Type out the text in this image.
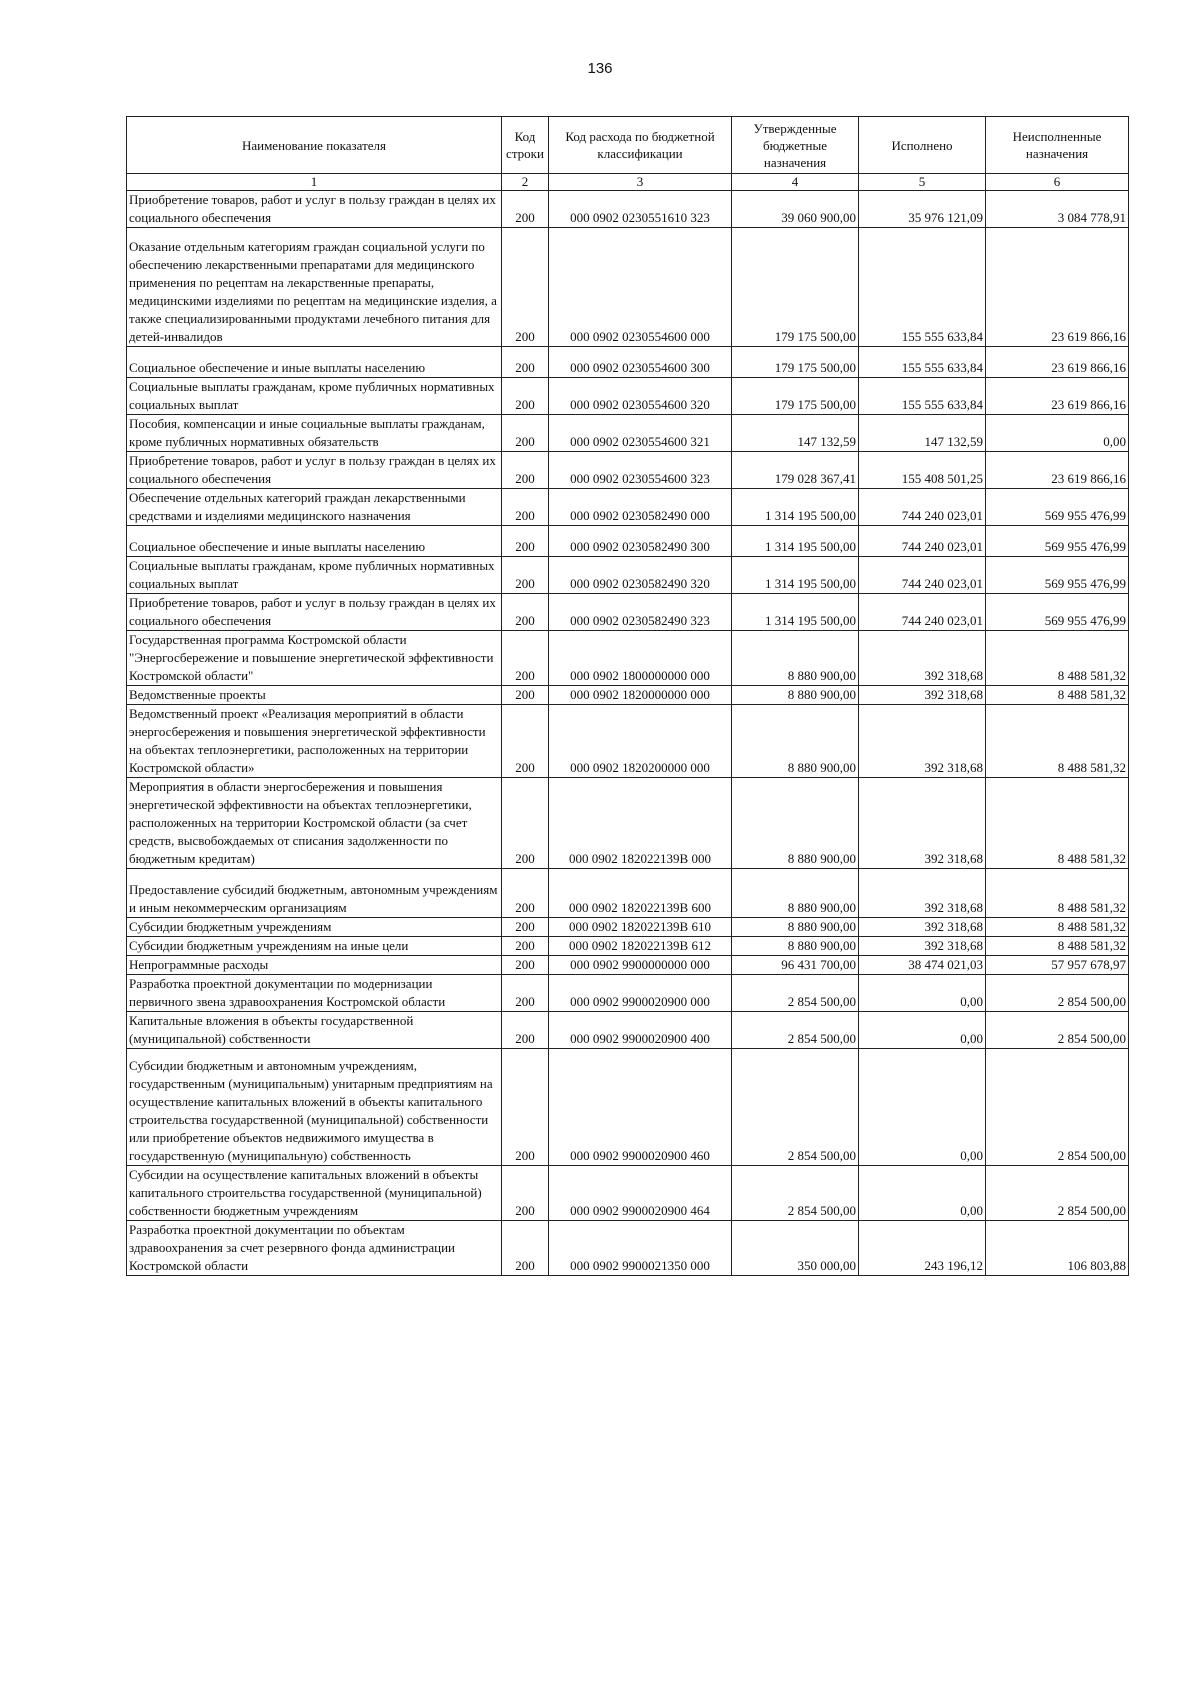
136
Наименование показателя	Код строки	Код расхода по бюджетной классификации	Утвержденные бюджетные назначения	Исполнено	Неисполненные назначения
1	2	3	4	5	6
Приобретение товаров, работ и услуг в пользу граждан в целях их социального обеспечения	200	000 0902 0230551610 323	39 060 900,00	35 976 121,09	3 084 778,91
Оказание отдельным категориям граждан социальной услуги по обеспечению лекарственными препаратами для медицинского применения по рецептам на лекарственные препараты, медицинскими изделиями по рецептам на медицинские изделия, а также специализированными продуктами лечебного питания для детей-инвалидов	200	000 0902 0230554600 000	179 175 500,00	155 555 633,84	23 619 866,16
Социальное обеспечение и иные выплаты населению	200	000 0902 0230554600 300	179 175 500,00	155 555 633,84	23 619 866,16
Социальные выплаты гражданам, кроме публичных нормативных социальных выплат	200	000 0902 0230554600 320	179 175 500,00	155 555 633,84	23 619 866,16
Пособия, компенсации и иные социальные выплаты гражданам, кроме публичных нормативных обязательств	200	000 0902 0230554600 321	147 132,59	147 132,59	0,00
Приобретение товаров, работ и услуг в пользу граждан в целях их социального обеспечения	200	000 0902 0230554600 323	179 028 367,41	155 408 501,25	23 619 866,16
Обеспечение отдельных категорий граждан лекарственными средствами и изделиями медицинского назначения	200	000 0902 0230582490 000	1 314 195 500,00	744 240 023,01	569 955 476,99
Социальное обеспечение и иные выплаты населению	200	000 0902 0230582490 300	1 314 195 500,00	744 240 023,01	569 955 476,99
Социальные выплаты гражданам, кроме публичных нормативных социальных выплат	200	000 0902 0230582490 320	1 314 195 500,00	744 240 023,01	569 955 476,99
Приобретение товаров, работ и услуг в пользу граждан в целях их социального обеспечения	200	000 0902 0230582490 323	1 314 195 500,00	744 240 023,01	569 955 476,99
Государственная программа Костромской области "Энергосбережение и повышение энергетической эффективности Костромской области"	200	000 0902 1800000000 000	8 880 900,00	392 318,68	8 488 581,32
Ведомственные проекты	200	000 0902 1820000000 000	8 880 900,00	392 318,68	8 488 581,32
Ведомственный проект «Реализация мероприятий в области энергосбережения и повышения энергетической эффективности на объектах теплоэнергетики, расположенных на территории Костромской области»	200	000 0902 1820200000 000	8 880 900,00	392 318,68	8 488 581,32
Мероприятия в области энергосбережения и повышения энергетической эффективности на объектах теплоэнергетики, расположенных на территории Костромской области (за счет средств, высвобождаемых от списания задолженности по бюджетным кредитам)	200	000 0902 182022139B 000	8 880 900,00	392 318,68	8 488 581,32
Предоставление субсидий бюджетным, автономным учреждениям и иным некоммерческим организациям	200	000 0902 182022139B 600	8 880 900,00	392 318,68	8 488 581,32
Субсидии бюджетным учреждениям	200	000 0902 182022139B 610	8 880 900,00	392 318,68	8 488 581,32
Субсидии бюджетным учреждениям на иные цели	200	000 0902 182022139B 612	8 880 900,00	392 318,68	8 488 581,32
Непрограммные расходы	200	000 0902 9900000000 000	96 431 700,00	38 474 021,03	57 957 678,97
Разработка проектной документации по модернизации первичного звена здравоохранения Костромской области	200	000 0902 9900020900 000	2 854 500,00	0,00	2 854 500,00
Капитальные вложения в объекты государственной (муниципальной) собственности	200	000 0902 9900020900 400	2 854 500,00	0,00	2 854 500,00
Субсидии бюджетным и автономным учреждениям, государственным (муниципальным) унитарным предприятиям на осуществление капитальных вложений в объекты капитального строительства государственной (муниципальной) собственности или приобретение объектов недвижимого имущества в государственную (муниципальную) собственность	200	000 0902 9900020900 460	2 854 500,00	0,00	2 854 500,00
Субсидии на осуществление капитальных вложений в объекты капитального строительства государственной (муниципальной) собственности бюджетным учреждениям	200	000 0902 9900020900 464	2 854 500,00	0,00	2 854 500,00
Разработка проектной документации по объектам здравоохранения за счет резервного фонда администрации Костромской области	200	000 0902 9900021350 000	350 000,00	243 196,12	106 803,88
